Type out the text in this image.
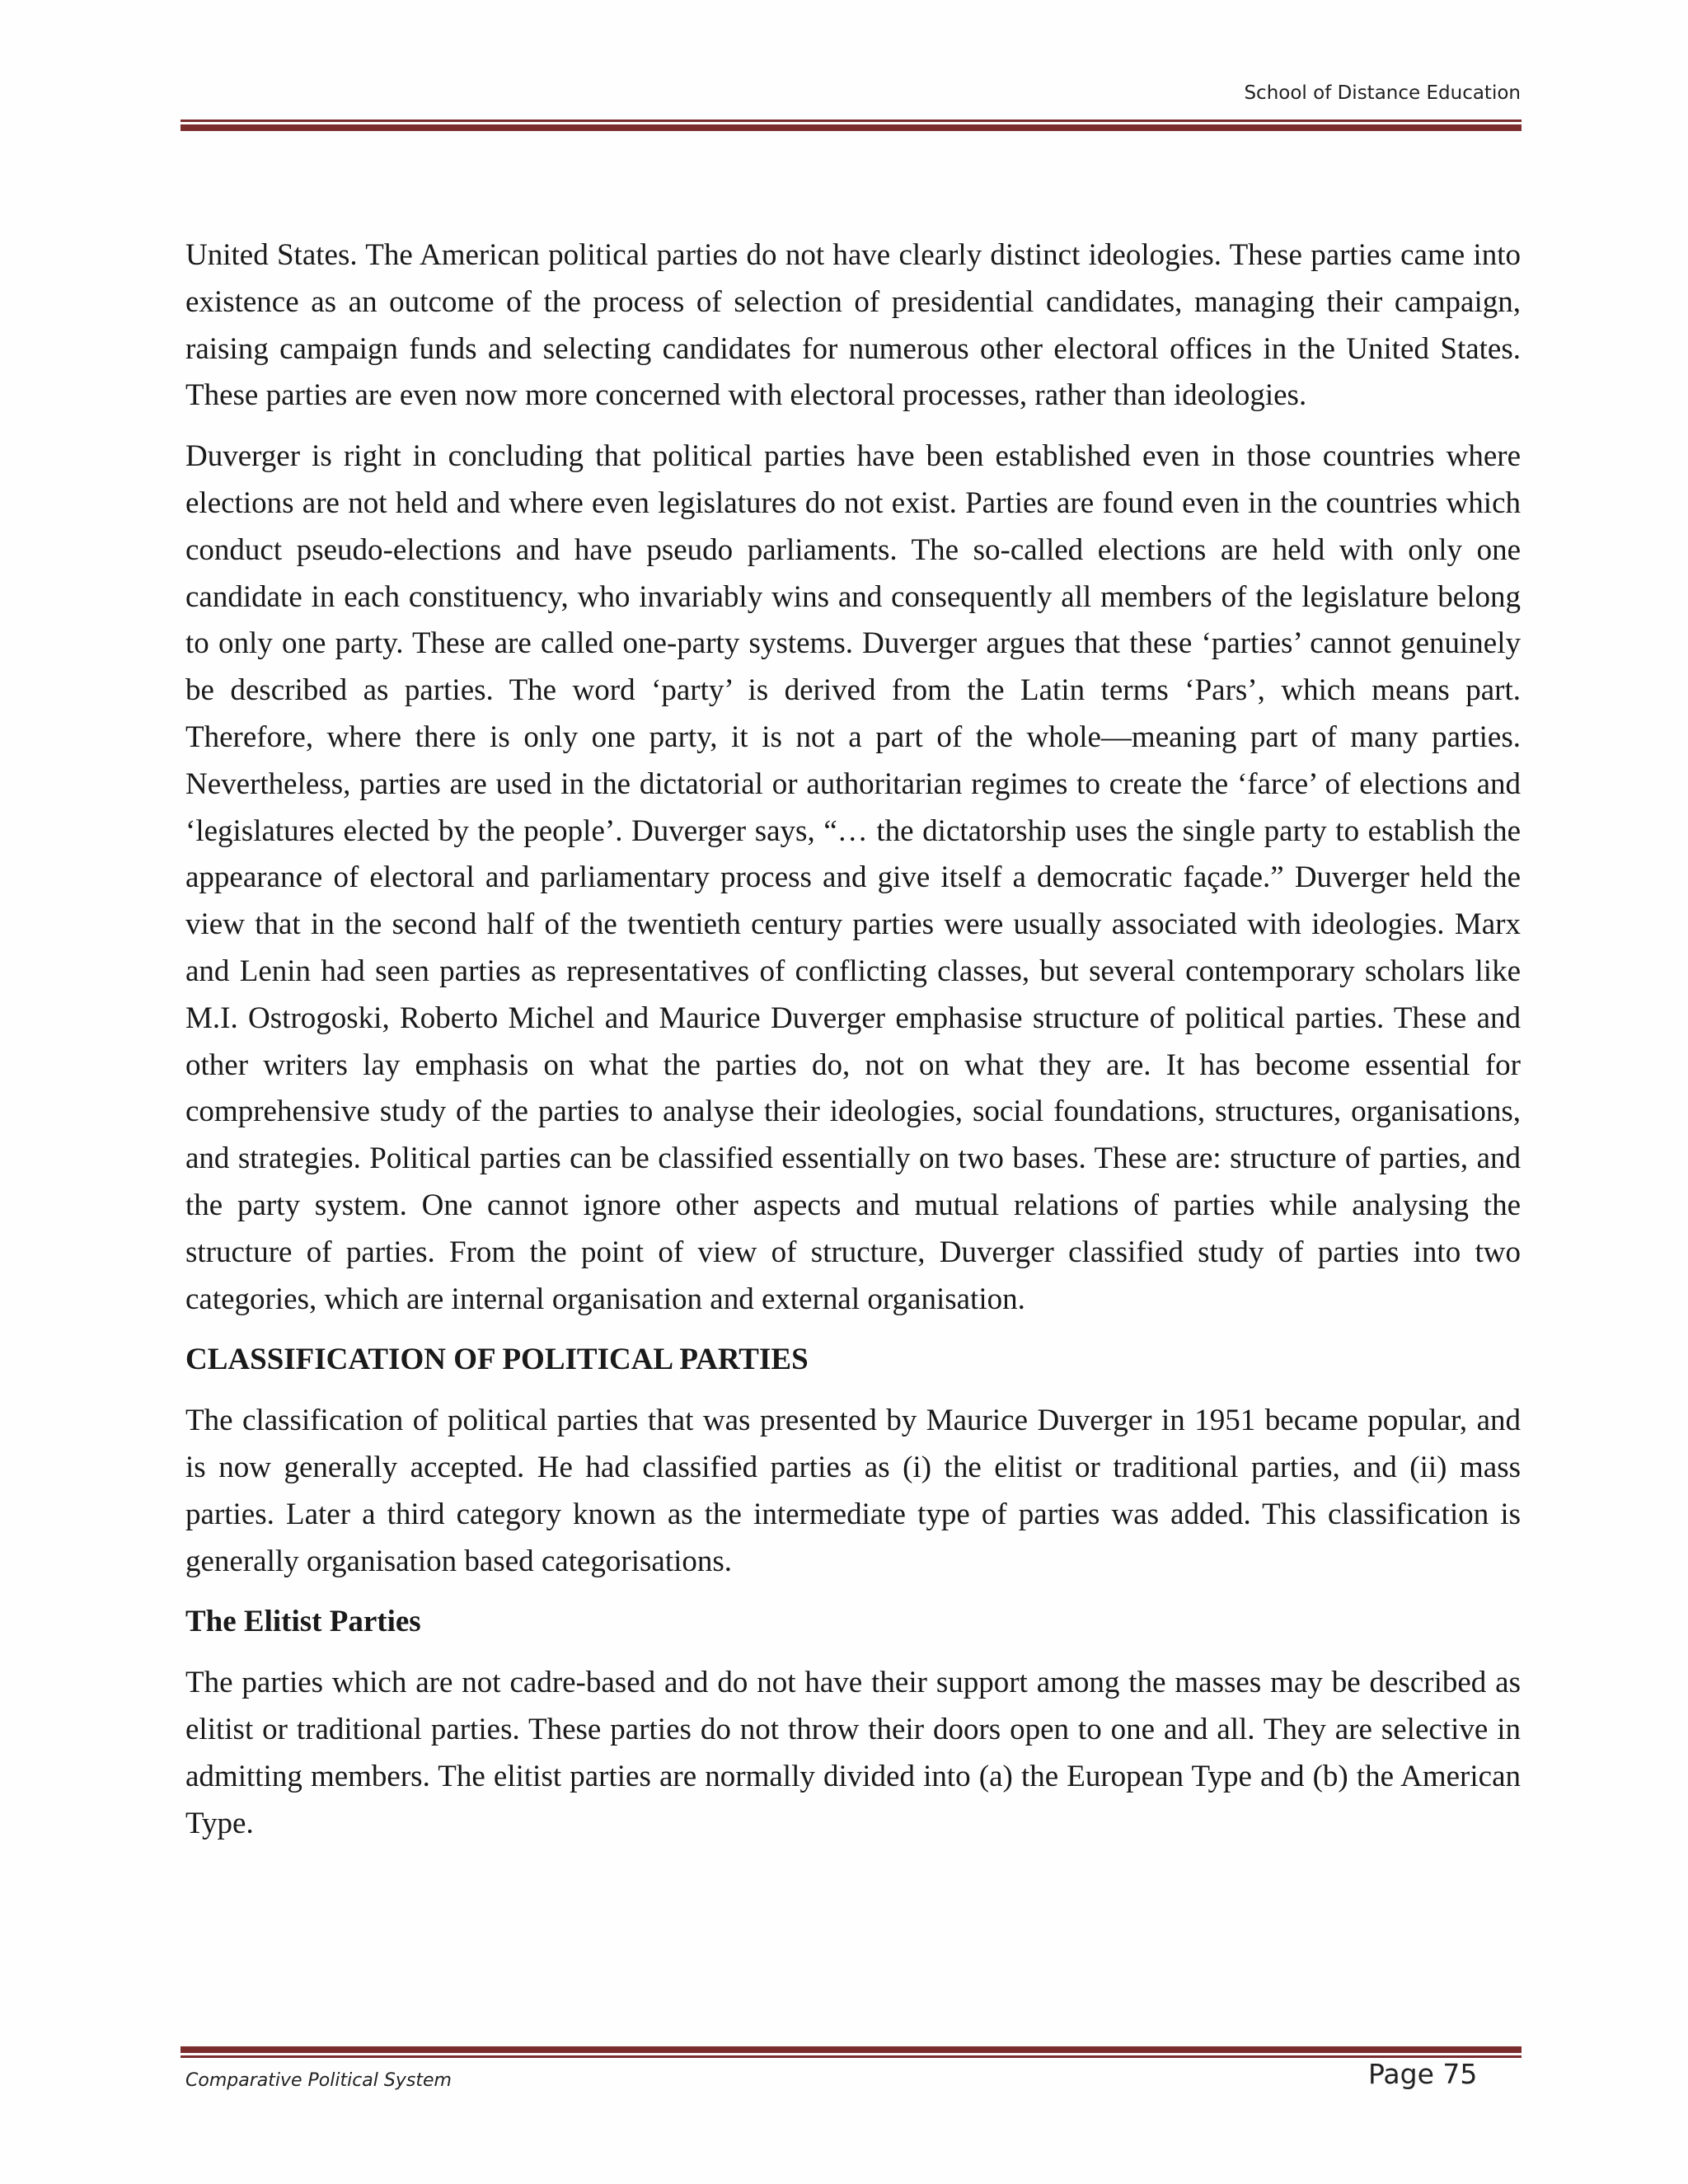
School of Distance Education

United States. The American political parties do not have clearly distinct ideologies. These parties came into existence as an outcome of the process of selection of presidential candidates, managing their campaign, raising campaign funds and selecting candidates for numerous other electoral offices in the United States. These parties are even now more concerned with electoral processes, rather than ideologies.

Duverger is right in concluding that political parties have been established even in those countries where elections are not held and where even legislatures do not exist. Parties are found even in the countries which conduct pseudo-elections and have pseudo parliaments. The so-called elections are held with only one candidate in each constituency, who invariably wins and consequently all members of the legislature belong to only one party. These are called one-party systems. Duverger argues that these ‘parties’ cannot genuinely be described as parties. The word ‘party’ is derived from the Latin terms ‘Pars’, which means part. Therefore, where there is only one party, it is not a part of the whole—meaning part of many parties. Nevertheless, parties are used in the dictatorial or authoritarian regimes to create the ‘farce’ of elections and ‘legislatures elected by the people’. Duverger says, “… the dictatorship uses the single party to establish the appearance of electoral and parliamentary process and give itself a democratic façade.” Duverger held the view that in the second half of the twentieth century parties were usually associated with ideologies. Marx and Lenin had seen parties as representatives of conflicting classes, but several contemporary scholars like M.I. Ostrogoski, Roberto Michel and Maurice Duverger emphasise structure of political parties. These and other writers lay emphasis on what the parties do, not on what they are. It has become essential for comprehensive study of the parties to analyse their ideologies, social foundations, structures, organisations, and strategies. Political parties can be classified essentially on two bases. These are: structure of parties, and the party system. One cannot ignore other aspects and mutual relations of parties while analysing the structure of parties. From the point of view of structure, Duverger classified study of parties into two categories, which are internal organisation and external organisation.

CLASSIFICATION OF POLITICAL PARTIES

The classification of political parties that was presented by Maurice Duverger in 1951 became popular, and is now generally accepted. He had classified parties as (i) the elitist or traditional parties, and (ii) mass parties. Later a third category known as the intermediate type of parties was added. This classification is generally organisation based categorisations.

The Elitist Parties

The parties which are not cadre-based and do not have their support among the masses may be described as elitist or traditional parties. These parties do not throw their doors open to one and all. They are selective in admitting members. The elitist parties are normally divided into (a) the European Type and (b) the American Type.

Comparative Political System	Page 75
